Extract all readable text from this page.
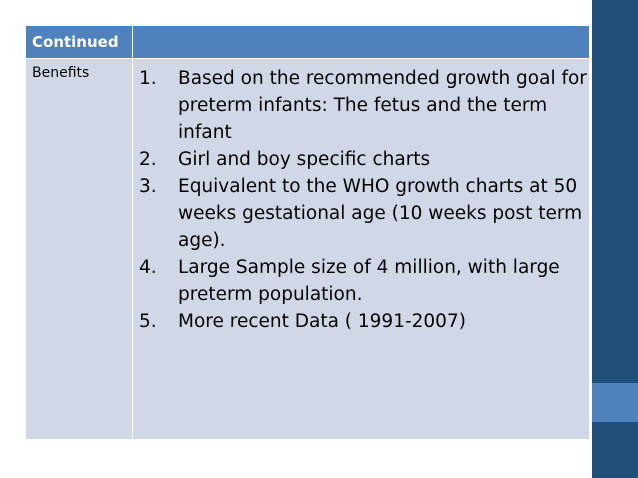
Continued
Benefits	1. Based on the recommended growth goal for preterm infants: The fetus and the term infant
2. Girl and boy specific charts
3. Equivalent to the WHO growth charts at 50 weeks gestational age (10 weeks post term age).
4. Large Sample size of 4 million, with large preterm population.
5. More recent Data ( 1991-2007)
